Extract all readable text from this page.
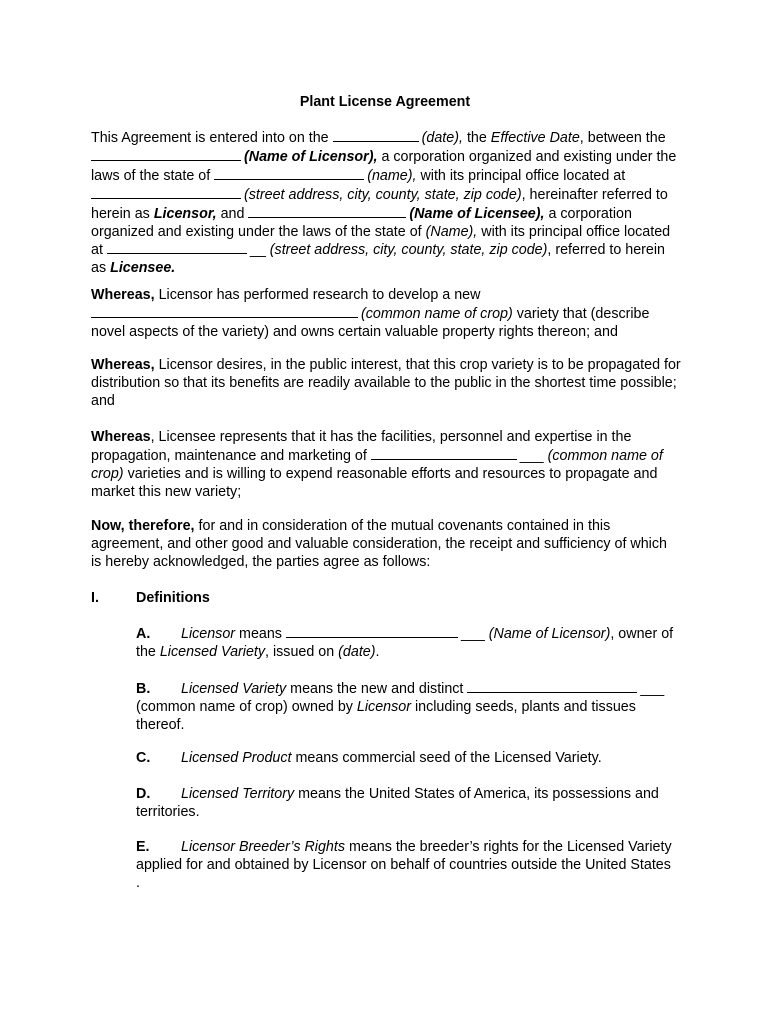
Plant License Agreement

This Agreement is entered into on the	(date), the Effective Date, between the (Name of Licensor), a corporation organized and existing under the laws of the state of	(name), with its principal office located at (street address, city, county, state, zip code), hereinafter referred to herein as Licensor, and	(Name of Licensee), a corporation organized and existing under the laws of the state of (Name), with its principal office located at	__ (street address, city, county, state, zip code), referred to herein as Licensee.

Whereas, Licensor has performed research to develop a new (common name of crop) variety that (describe novel aspects of the variety) and owns certain valuable property rights thereon; and

Whereas, Licensor desires, in the public interest, that this crop variety is to be propagated for distribution so that its benefits are readily available to the public in the shortest time possible; and

Whereas, Licensee represents that it has the facilities, personnel and expertise in the propagation, maintenance and marketing of	___ (common name of crop) varieties and is willing to expend reasonable efforts and resources to propagate and market this new variety;

Now, therefore, for and in consideration of the mutual covenants contained in this agreement, and other good and valuable consideration, the receipt and sufficiency of which is hereby acknowledged, the parties agree as follows:

I.	Definitions

A. Licensor means	___ (Name of Licensor), owner of the Licensed Variety, issued on (date).

B. Licensed Variety means the new and distinct	___ (common name of crop) owned by Licensor including seeds, plants and tissues thereof.

C. Licensed Product means commercial seed of the Licensed Variety.

D. Licensed Territory means the United States of America, its possessions and territories.

E. Licensor Breeder’s Rights means the breeder’s rights for the Licensed Variety applied for and obtained by Licensor on behalf of countries outside the United States .
